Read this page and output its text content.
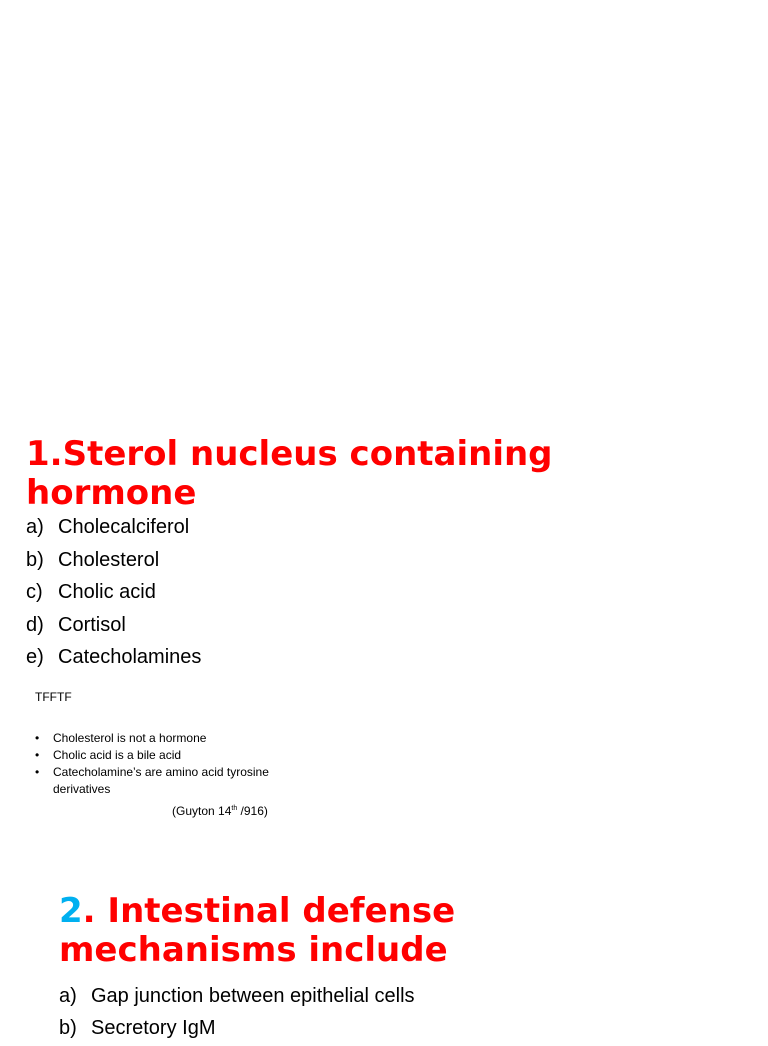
1.Sterol nucleus containing hormone
a) Cholecalciferol
b) Cholesterol
c) Cholic acid
d) Cortisol
e) Catecholamines

TFFTF

• Cholesterol is not a hormone
• Cholic acid is a bile acid
• Catecholamine’s are amino acid tyrosine derivatives

(Guyton 14th /916)

2. Intestinal defense mechanisms include
a) Gap junction between epithelial cells
b) Secretory IgM
